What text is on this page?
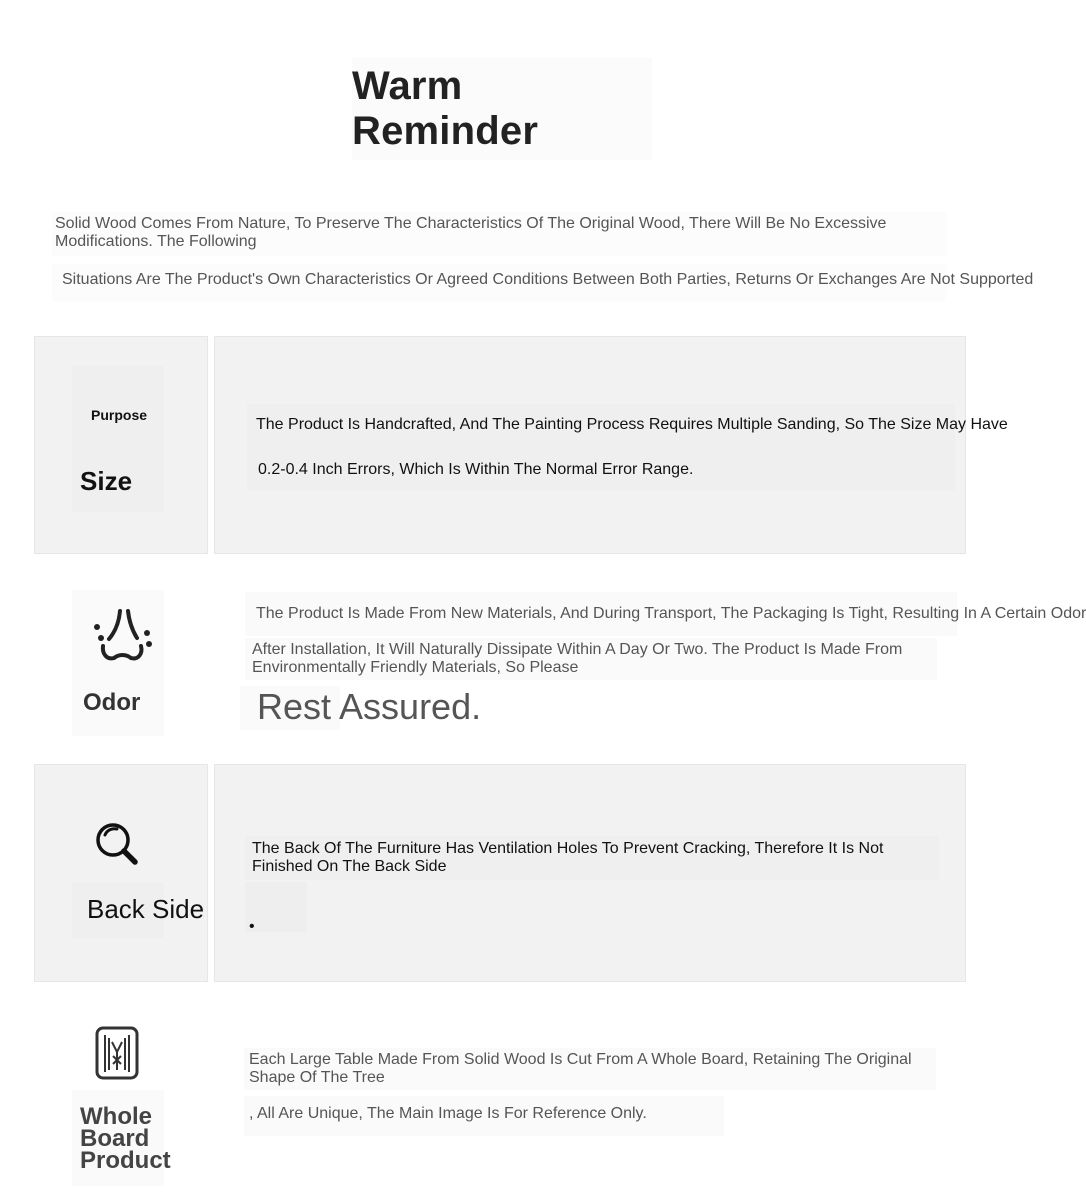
Warm Reminder
Solid Wood Comes From Nature, To Preserve The Characteristics Of The Original Wood, There Will Be No Excessive Modifications. The Following
Situations Are The Product's Own Characteristics Or Agreed Conditions Between Both Parties, Returns Or Exchanges Are Not Supported
Purpose
Size
The Product Is Handcrafted, And The Painting Process Requires Multiple Sanding, So The Size May Have
0.2-0.4 Inch Errors, Which Is Within The Normal Error Range.
Odor
The Product Is Made From New Materials, And During Transport, The Packaging Is Tight, Resulting In A Certain Odor
After Installation, It Will Naturally Dissipate Within A Day Or Two. The Product Is Made From Environmentally Friendly Materials, So Please
Rest Assured.
Back Side
The Back Of The Furniture Has Ventilation Holes To Prevent Cracking, Therefore It Is Not Finished On The Back Side
•
Whole Board Product
Each Large Table Made From Solid Wood Is Cut From A Whole Board, Retaining The Original Shape Of The Tree
, All Are Unique, The Main Image Is For Reference Only.
